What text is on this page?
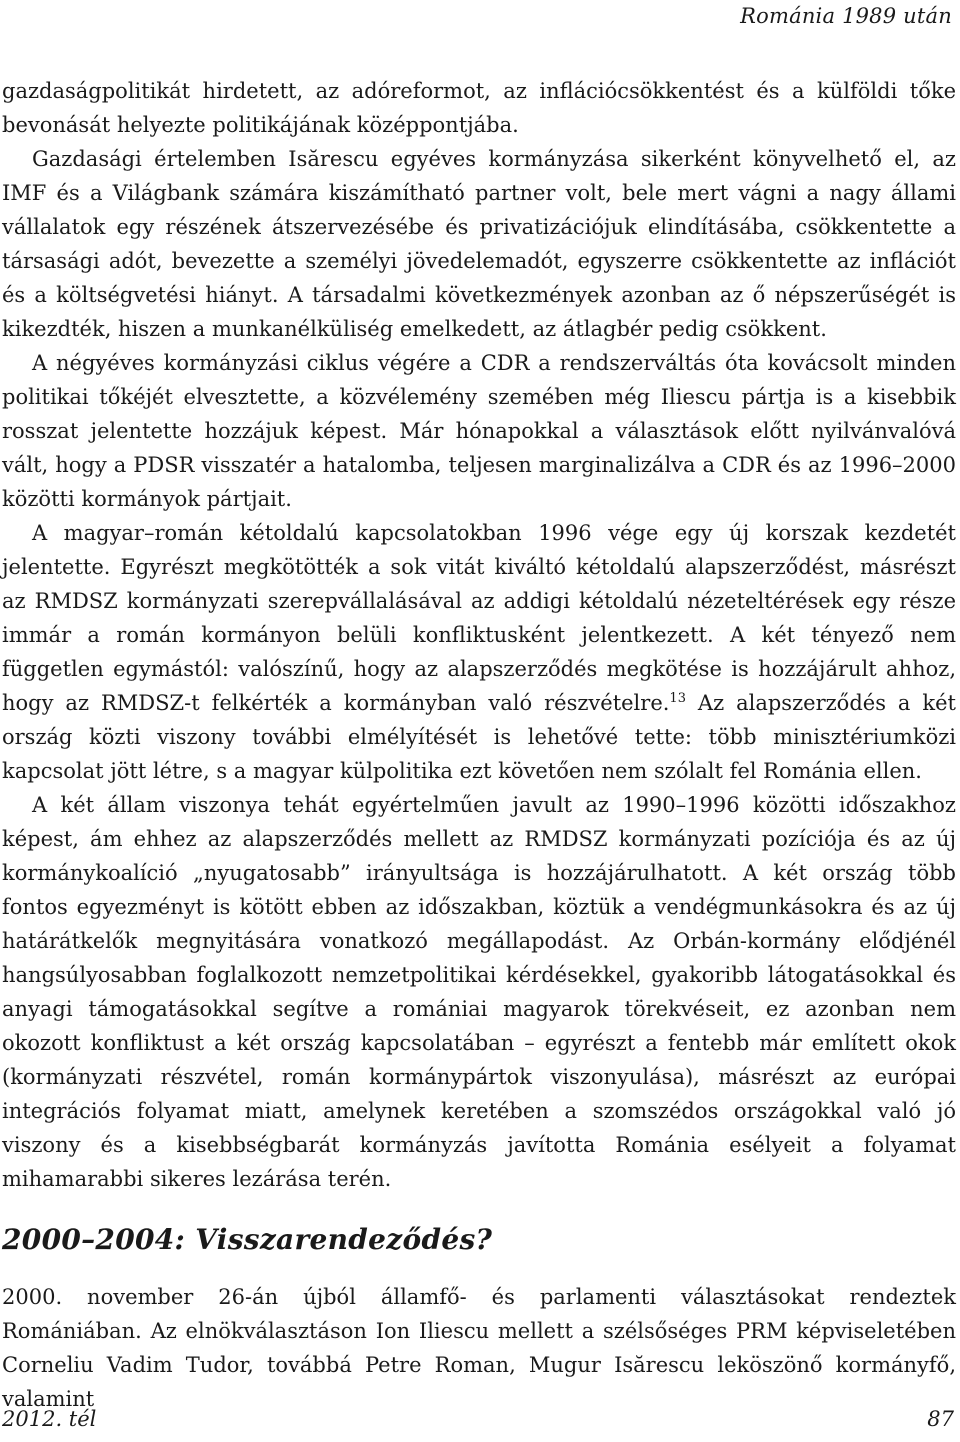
Románia 1989 után

gazdaságpolitikát hirdetett, az adóreformot, az inflációcsökkentést és a külföldi tőke bevonását helyezte politikájának középpontjába.

Gazdasági értelemben Isărescu egyéves kormányzása sikerként könyvelhető el, az IMF és a Világbank számára kiszámítható partner volt, bele mert vágni a nagy állami vállalatok egy részének átszervezésébe és privatizációjuk elindításába, csökkentette a társasági adót, bevezette a személyi jövedelemadót, egyszerre csökkentette az inflációt és a költségvetési hiányt. A társadalmi következmények azonban az ő népszerűségét is kikezdték, hiszen a munkanélküliség emelkedett, az átlagbér pedig csökkent.

A négyéves kormányzási ciklus végére a CDR a rendszerváltás óta kovácsolt minden politikai tőkéjét elvesztette, a közvélemény szemében még Iliescu pártja is a kisebbik rosszat jelentette hozzájuk képest. Már hónapokkal a választások előtt nyilvánvalóvá vált, hogy a PDSR visszatér a hatalomba, teljesen marginalizálva a CDR és az 1996–2000 közötti kormányok pártjait.

A magyar–román kétoldalú kapcsolatokban 1996 vége egy új korszak kezdetét jelentette. Egyrészt megkötötték a sok vitát kiváltó kétoldalú alapszerződést, másrészt az RMDSZ kormányzati szerepvállalásával az addigi kétoldalú nézeteltérések egy része immár a román kormányon belüli konfliktusként jelentkezett. A két tényező nem független egymástól: valószínű, hogy az alapszerződés megkötése is hozzájárult ahhoz, hogy az RMDSZ-t felkérték a kormányban való részvételre.$^{13}$ Az alapszerződés a két ország közti viszony további elmélyítését is lehetővé tette: több minisztériumközi kapcsolat jött létre, s a magyar külpolitika ezt követően nem szólalt fel Románia ellen.

A két állam viszonya tehát egyértelműen javult az 1990–1996 közötti időszakhoz képest, ám ehhez az alapszerződés mellett az RMDSZ kormányzati pozíciója és az új kormánykoalíció „nyugatosabb” irányultsága is hozzájárulhatott. A két ország több fontos egyezményt is kötött ebben az időszakban, köztük a vendégmunkásokra és az új határátkelők megnyitására vonatkozó megállapodást. Az Orbán-kormány elődjénél hangsúlyosabban foglalkozott nemzetpolitikai kérdésekkel, gyakoribb látogatásokkal és anyagi támogatásokkal segítve a romániai magyarok törekvéseit, ez azonban nem okozott konfliktust a két ország kapcsolatában – egyrészt a fentebb már említett okok (kormányzati részvétel, román kormánypártok viszonyulása), másrészt az európai integrációs folyamat miatt, amelynek keretében a szomszédos országokkal való jó viszony és a kisebbségbarát kormányzás javította Románia esélyeit a folyamat mihamarabbi sikeres lezárása terén.

2000–2004: Visszarendeződés?

2000. november 26-án újból államfő- és parlamenti választásokat rendeztek Romániában. Az elnökválasztáson Ion Iliescu mellett a szélsőséges PRM képviseletében Corneliu Vadim Tudor, továbbá Petre Roman, Mugur Isărescu leköszönő kormányfő, valamint

2012. tél	87
